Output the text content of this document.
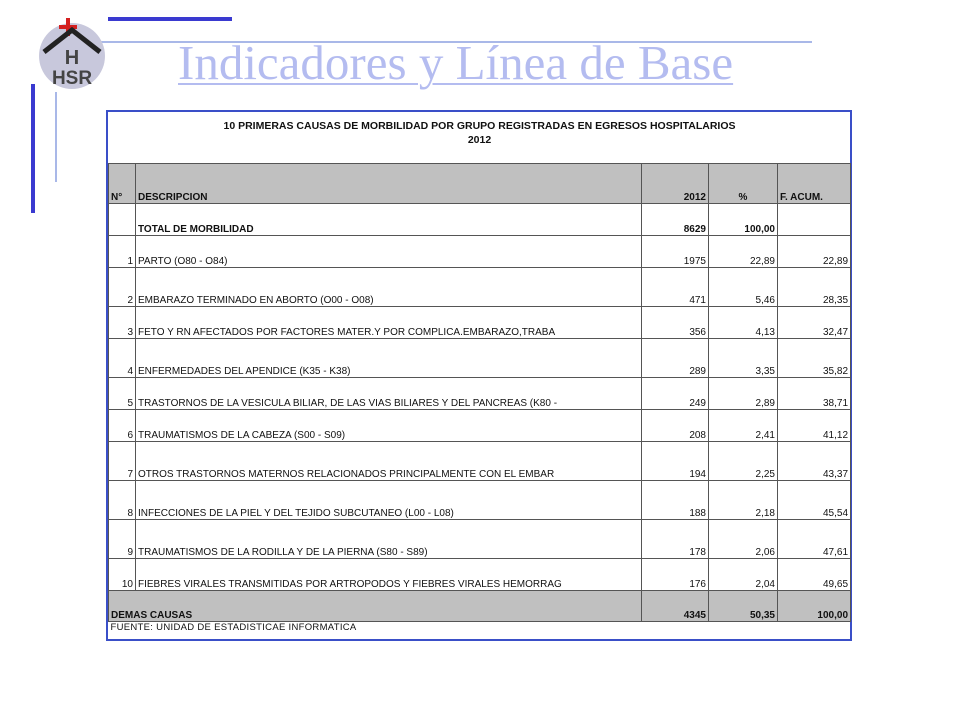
H
HSR Indicadores y Línea de Base
10 PRIMERAS CAUSAS DE MORBILIDAD POR GRUPO REGISTRADAS EN EGRESOS HOSPITALARIOS
2012				

N°	DESCRIPCION	2012	%	F. ACUM.
	TOTAL DE MORBILIDAD	8629	100,00	
1	PARTO (O80 - O84)	1975	22,89	22,89
2	EMBARAZO TERMINADO EN ABORTO (O00 - O08)	471	5,46	28,35
3	FETO Y RN AFECTADOS POR FACTORES MATER.Y POR COMPLICA.EMBARAZO,TRABA	356	4,13	32,47
4	ENFERMEDADES DEL APENDICE (K35 - K38)	289	3,35	35,82
5	TRASTORNOS DE LA VESICULA BILIAR, DE LAS VIAS BILIARES Y DEL PANCREAS (K80 -	249	2,89	38,71
6	TRAUMATISMOS DE LA CABEZA (S00 - S09)	208	2,41	41,12
7	OTROS TRASTORNOS MATERNOS RELACIONADOS PRINCIPALMENTE CON EL EMBAR	194	2,25	43,37
8	INFECCIONES DE LA PIEL Y DEL TEJIDO SUBCUTANEO (L00 - L08)	188	2,18	45,54
9	TRAUMATISMOS DE LA RODILLA Y DE LA PIERNA (S80 - S89)	178	2,06	47,61
10	FIEBRES VIRALES TRANSMITIDAS POR ARTROPODOS Y FIEBRES VIRALES HEMORRAG	176	2,04	49,65
DEMAS CAUSAS		4345	50,35	100,00
FUENTE: UNIDAD DE ESTADISTICAE INFORMATICA				
